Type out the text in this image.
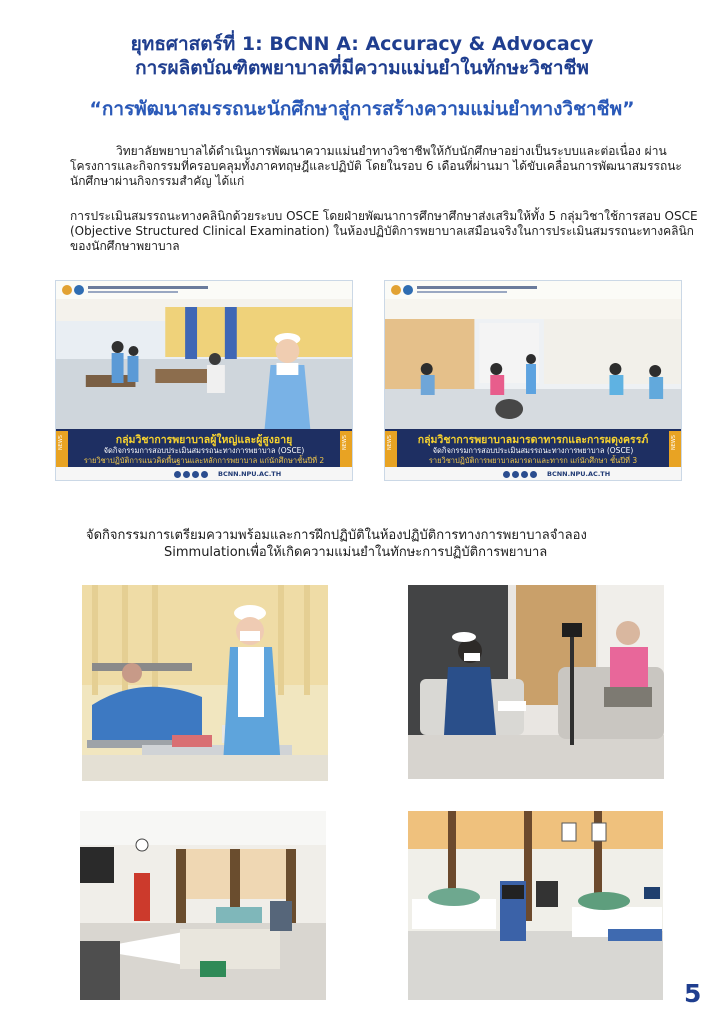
ยุทธศาสตร์ที่ 1: BCNN A: Accuracy & Advocacy
การผลิตบัณฑิตพยาบาลที่มีความแม่นยำในทักษะวิชาชีพ
“การพัฒนาสมรรถนะนักศึกษาสู่การสร้างความแม่นยำทางวิชาชีพ”
วิทยาลัยพยาบาลได้ดำเนินการพัฒนาความแม่นยำทางวิชาชีพให้กับนักศึกษาอย่างเป็นระบบและต่อเนื่อง ผ่านโครงการและกิจกรรมที่ครอบคลุมทั้งภาคทฤษฎีและปฏิบัติ โดยในรอบ 6 เดือนที่ผ่านมา ได้ขับเคลื่อนการพัฒนาสมรรถนะนักศึกษาผ่านกิจกรรมสำคัญ ได้แก่
การประเมินสมรรถนะทางคลินิกด้วยระบบ OSCE โดยฝ่ายพัฒนาการศึกษาศึกษาส่งเสริมให้ทั้ง 5 กลุ่มวิชาใช้การสอบ OSCE (Objective Structured Clinical Examination) ในห้องปฏิบัติการพยาบาลเสมือนจริงในการประเมินสมรรถนะทางคลินิกของนักศึกษาพยาบาล
กลุ่มวิชาการพยาบาลผู้ใหญ่และผู้สูงอายุ
จัดกิจกรรมการสอบประเมินสมรรถนะทางการพยาบาล (OSCE)
รายวิชาปฏิบัติการแนวคิดพื้นฐานและหลักการพยาบาล แก่นักศึกษาชั้นปีที่ 2
NEWS	NEWS
BCNN.NPU.AC.TH
กลุ่มวิชาการพยาบาลมารดาทารกและการผดุงครรภ์
จัดกิจกรรมการสอบประเมินสมรรถนะทางการพยาบาล (OSCE)
รายวิชาปฏิบัติการพยาบาลมารดาและทารก แก่นักศึกษา ชั้นปีที่ 3
NEWS	NEWS
BCNN.NPU.AC.TH
จัดกิจกรรมการเตรียมความพร้อมและการฝึกปฏิบัติในห้องปฏิบัติการทางการพยาบาลจำลอง
Simmulationเพื่อให้เกิดความแม่นยำในทักษะการปฏิบัติการพยาบาล
5
